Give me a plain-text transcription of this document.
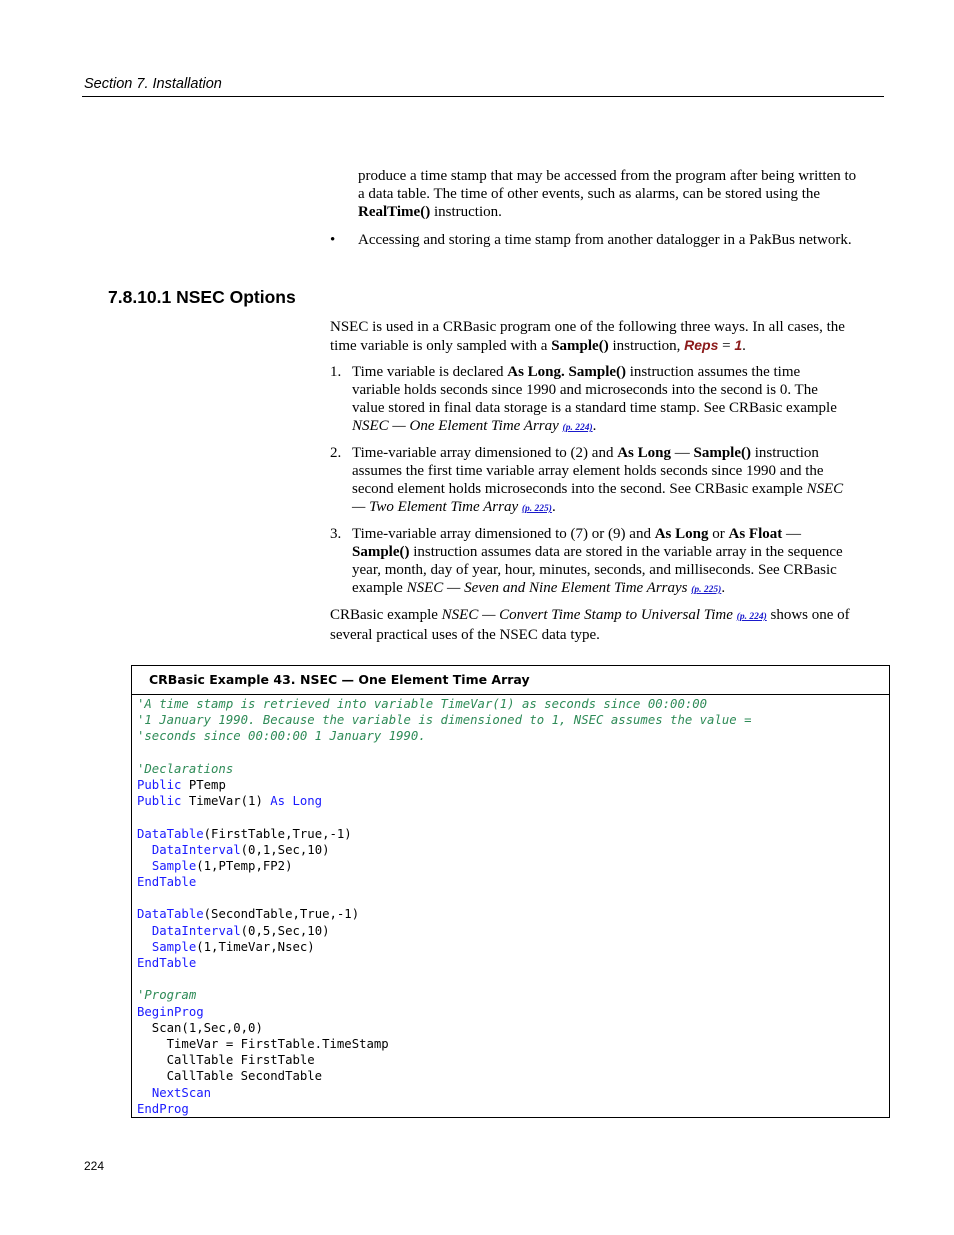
Section 7. Installation
produce a time stamp that may be accessed from the program after being written to a data table. The time of other events, such as alarms, can be stored using the RealTime() instruction.
•	Accessing and storing a time stamp from another datalogger in a PakBus network.
7.8.10.1 NSEC Options
NSEC is used in a CRBasic program one of the following three ways. In all cases, the time variable is only sampled with a Sample() instruction, Reps = 1.
1. Time variable is declared As Long. Sample() instruction assumes the time variable holds seconds since 1990 and microseconds into the second is 0. The value stored in final data storage is a standard time stamp. See CRBasic example NSEC — One Element Time Array (p. 224).
2. Time-variable array dimensioned to (2) and As Long — Sample() instruction assumes the first time variable array element holds seconds since 1990 and the second element holds microseconds into the second. See CRBasic example NSEC — Two Element Time Array (p. 225).
3. Time-variable array dimensioned to (7) or (9) and As Long or As Float — Sample() instruction assumes data are stored in the variable array in the sequence year, month, day of year, hour, minutes, seconds, and milliseconds. See CRBasic example NSEC — Seven and Nine Element Time Arrays (p. 225).
CRBasic example NSEC — Convert Time Stamp to Universal Time (p. 224) shows one of several practical uses of the NSEC data type.
CRBasic Example 43. NSEC — One Element Time Array
'A time stamp is retrieved into variable TimeVar(1) as seconds since 00:00:00
'1 January 1990. Because the variable is dimensioned to 1, NSEC assumes the value =
'seconds since 00:00:00 1 January 1990.
'Declarations
Public PTemp
Public TimeVar(1) As Long
DataTable(FirstTable,True,-1)
DataInterval(0,1,Sec,10)
Sample(1,PTemp,FP2)
EndTable
DataTable(SecondTable,True,-1)
DataInterval(0,5,Sec,10)
Sample(1,TimeVar,Nsec)
EndTable
'Program
BeginProg
Scan(1,Sec,0,0)
TimeVar = FirstTable.TimeStamp
CallTable FirstTable
CallTable SecondTable
NextScan
EndProg
224
